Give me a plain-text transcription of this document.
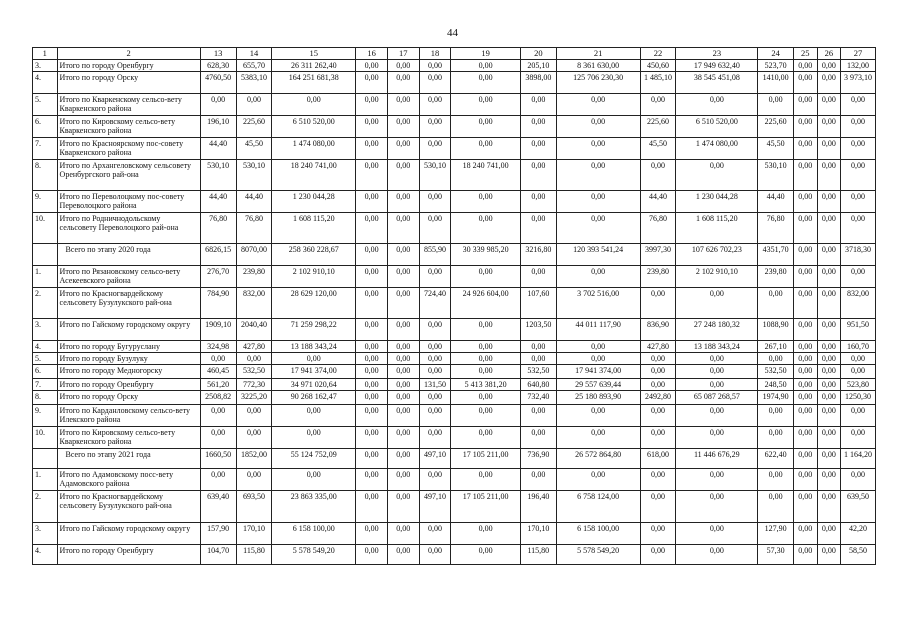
44
1	2	13	14	15	16	17	18	19	20	21	22	23	24	25	26	27
3.	Итого по городу Оренбургу	628,30	655,70	26 311 262,40	0,00	0,00	0,00	0,00	205,10	8 361 630,00	450,60	17 949 632,40	523,70	0,00	0,00	132,00
4.	Итого по городу Орску	4760,50	5383,10	164 251 681,38	0,00	0,00	0,00	0,00	3898,00	125 706 230,30	1 485,10	38 545 451,08	1410,00	0,00	0,00	3 973,10
5.	Итого по Кваркенскому сельсо-вету Кваркенского района	0,00	0,00	0,00	0,00	0,00	0,00	0,00	0,00	0,00	0,00	0,00	0,00	0,00	0,00	0,00
6.	Итого по Кировскому сельсо-вету Кваркенского района	196,10	225,60	6 510 520,00	0,00	0,00	0,00	0,00	0,00	0,00	225,60	6 510 520,00	225,60	0,00	0,00	0,00
7.	Итого по Красноярскому пос-совету Кваркенского района	44,40	45,50	1 474 080,00	0,00	0,00	0,00	0,00	0,00	0,00	45,50	1 474 080,00	45,50	0,00	0,00	0,00
8.	Итого по Архангеловскому сельсовету Оренбургского рай-она	530,10	530,10	18 240 741,00	0,00	0,00	530,10	18 240 741,00	0,00	0,00	0,00	0,00	530,10	0,00	0,00	0,00
9.	Итого по Переволоцкому пос-совету Переволоцкого района	44,40	44,40	1 230 044,28	0,00	0,00	0,00	0,00	0,00	0,00	44,40	1 230 044,28	44,40	0,00	0,00	0,00
10.	Итого по Родничнодольскому сельсовету Переволоцкого рай-она	76,80	76,80	1 608 115,20	0,00	0,00	0,00	0,00	0,00	0,00	76,80	1 608 115,20	76,80	0,00	0,00	0,00
	Всего по этапу 2020 года	6826,15	8070,00	258 360 228,67	0,00	0,00	855,90	30 339 985,20	3216,80	120 393 541,24	3997,30	107 626 702,23	4351,70	0,00	0,00	3718,30
1.	Итого по Рязановскому сельсо-вету Асекеевского района	276,70	239,80	2 102 910,10	0,00	0,00	0,00	0,00	0,00	0,00	239,80	2 102 910,10	239,80	0,00	0,00	0,00
2.	Итого по Красногвардейскому сельсовету Бузулукского рай-она	784,90	832,00	28 629 120,00	0,00	0,00	724,40	24 926 604,00	107,60	3 702 516,00	0,00	0,00	0,00	0,00	0,00	832,00
3.	Итого по Гайскому городскому округу	1909,10	2040,40	71 259 298,22	0,00	0,00	0,00	0,00	1203,50	44 011 117,90	836,90	27 248 180,32	1088,90	0,00	0,00	951,50
4.	Итого по городу Бугуруслану	324,98	427,80	13 188 343,24	0,00	0,00	0,00	0,00	0,00	0,00	427,80	13 188 343,24	267,10	0,00	0,00	160,70
5.	Итого по городу Бузулуку	0,00	0,00	0,00	0,00	0,00	0,00	0,00	0,00	0,00	0,00	0,00	0,00	0,00	0,00	0,00
6.	Итого по городу Медногорску	460,45	532,50	17 941 374,00	0,00	0,00	0,00	0,00	532,50	17 941 374,00	0,00	0,00	532,50	0,00	0,00	0,00
7.	Итого по городу Оренбургу	561,20	772,30	34 971 020,64	0,00	0,00	131,50	5 413 381,20	640,80	29 557 639,44	0,00	0,00	248,50	0,00	0,00	523,80
8.	Итого по городу Орску	2508,82	3225,20	90 268 162,47	0,00	0,00	0,00	0,00	732,40	25 180 893,90	2492,80	65 087 268,57	1974,90	0,00	0,00	1250,30
9.	Итого по Карданловскому сельсо-вету Илекского района	0,00	0,00	0,00	0,00	0,00	0,00	0,00	0,00	0,00	0,00	0,00	0,00	0,00	0,00	0,00
10.	Итого по Кировскому сельсо-вету Кваркенского района	0,00	0,00	0,00	0,00	0,00	0,00	0,00	0,00	0,00	0,00	0,00	0,00	0,00	0,00	0,00
	Всего по этапу 2021 года	1660,50	1852,00	55 124 752,09	0,00	0,00	497,10	17 105 211,00	736,90	26 572 864,80	618,00	11 446 676,29	622,40	0,00	0,00	1 164,20
1.	Итого по Адамовскому посс-вету Адамовского района	0,00	0,00	0,00	0,00	0,00	0,00	0,00	0,00	0,00	0,00	0,00	0,00	0,00	0,00	0,00
2.	Итого по Красногвардейскому сельсовету Бузулукского рай-она	639,40	693,50	23 863 335,00	0,00	0,00	497,10	17 105 211,00	196,40	6 758 124,00	0,00	0,00	0,00	0,00	0,00	639,50
3.	Итого по Гайскому городскому округу	157,90	170,10	6 158 100,00	0,00	0,00	0,00	0,00	170,10	6 158 100,00	0,00	0,00	127,90	0,00	0,00	42,20
4.	Итого по городу Оренбургу	104,70	115,80	5 578 549,20	0,00	0,00	0,00	0,00	115,80	5 578 549,20	0,00	0,00	57,30	0,00	0,00	58,50
